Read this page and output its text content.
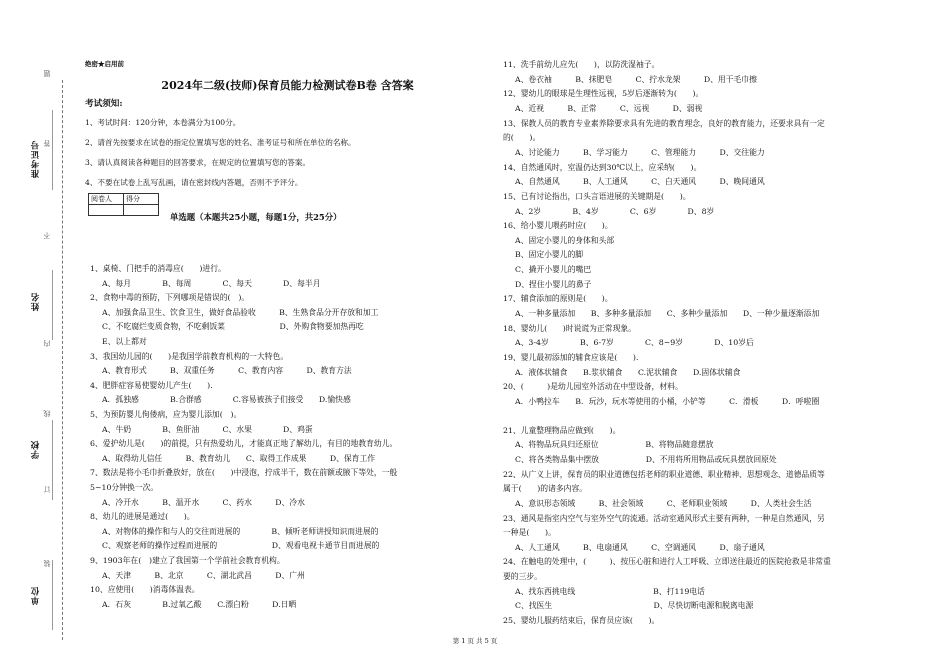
准考证号
姓名
学校
单位
题
答
不
内
线
订
装
绝密★启用前
2024年二级(技师)保育员能力检测试卷B卷 含答案
考试须知:
1、考试时间：120分钟，本卷满分为100分。
2、请首先按要求在试卷的指定位置填写您的姓名、准考证号和所在单位的名称。
3、请认真阅读各种题目的回答要求，在规定的位置填写您的答案。
4、不要在试卷上乱写乱画，请在密封线内答题，否则不予评分。
阅卷人	得分

单选题（本题共25小题，每题1分，共25分）
1、桌椅、门把手的消毒应(　　)进行。
A、每月　　　　B、每周　　　　C、每天　　　　D、每半月
2、食物中毒的预防，下列哪项是错误的(　)。
A、加强食品卫生、饮食卫生，做好食品验收　　　B、生熟食品分开存放和加工
C、不吃腐烂变质食物，不吃剩饭菜　　　　　　　D、外购食物要加热再吃
E、以上都对
3、我国幼儿园的(　　)是我国学前教育机构的一大特色。
A、教育形式　　　B、双重任务　　　C、教育内容　　　D、教育方法
4、肥胖症容易使婴幼儿产生(　　)．
A．孤独感　　　　B.合群感　　　　C.容易被孩子们接受　　D.愉快感
5、为预防婴儿佝偻病，应为婴儿添加(　)。
A、牛奶　　　　B、鱼肝油　　　C、水果　　　　D、鸡蛋
6、爱护幼儿是(　　)的前提，只有热爱幼儿，才能真正地了解幼儿，有目的地教育幼儿。
A、取得幼儿信任　　　B、教育幼儿　　C、取得工作成果　　　D、保育工作
7、数法是将小毛巾折叠放好，放在(　　)中浸泡，拧成半干，数在前额或腋下等处，一般
5~10分钟换一次。
A、冷开水　　　B、温开水　　　C、药水　　　D、冷水
8、幼儿的进展是通过(　　)。
A、对物体的操作和与人的交往而进展的　　　　B、倾听老师讲授知识而进展的
C、观察老师的操作过程而进展的　　　　　　　D、观看电视卡通节目而进展的
9、1903年在(　)建立了我国第一个学前社会教育机构。
A、天津　　　B、北京　　　C、湖北武昌　　　D、广州
10、应使用(　　)消毒体温表。
A．石灰　　　　B.过氧乙酸　　C.漂白粉　　　D.日晒
11、洗手前幼儿应先(　　)，以防洗湿袖子。
A、卷衣袖　　　B、抹肥皂　　　C、拧水龙架　　　D、用干毛巾擦
12、婴幼儿的眼球是生理性远视，5岁后逐渐转为(　　)。
A、近视　　　B、正常　　　C、远视　　　D、弱视
13、保教人员的教育专业素养除要求具有先进的教育理念，良好的教育能力，还要求具有一定
的(　　)。
A、讨论能力　　　B、学习能力　　　C、管理能力　　　D、交往能力
14、自然通风时，室温仍达到30℃以上，应采纳(　　)。
A、自然通风　　　B、人工通风　　　C、白天通风　　　D、晚间通风
15、已有讨论指出，口头言语进展的关键期是(　　)。
A、2岁　　　　B、4岁　　　　C、6岁　　　　D、8岁
16、给小婴儿喂药时应(　　)。
A、固定小婴儿的身体和头部
B、固定小婴儿的脚
C、撬开小婴儿的嘴巴
D、捏住小婴儿的鼻子
17、辅食添加的原则是(　　)。
A、一种多量添加　　B、多种多量添加　　C、多种少量添加　　D、一种少量逐渐添加
18、婴幼儿(　　)时说谎为正常现象。
A、3-4岁　　　　B、6-7岁　　　　C、8~9岁　　　　D、10岁后
19、婴儿最初添加的辅食应该是(　　)．
A．液体状辅食　　B.浆状辅食　　C.泥状辅食　　D.固体状辅食
20、(　　　)是幼儿园室外活动在中型设备，材料。
A．小鸭拉车　　B．玩沙，玩水等使用的小桶，小铲等　　　C．滑板　　　D．呼啦圈
21、儿童整理物品应做到(　　)。
A、将物品玩具归还原位　　　　　　B、将物品随意摆放
C、将各类物品集中摆放　　　　　　D、不用将所用物品或玩具摆放回原处
22、从广义上讲，保育员的职业道德包括老师的职业道德、职业精神、思想观念、道德品质等
属于(　　)的诸多内容。
A、意识形态领域　　　B、社会领域　　　C、老师职业领域　　　D、人类社会生活
23、通风是指室内空气与室外空气的流通。活动室通风形式主要有两种，一种是自然通风，另
一种是(　　)。
A、人工通风　　　B、电扇通风　　　C、空调通风　　　D、扇子通风
24、在触电的处理中，(　　　)、按压心脏和进行人工呼吸、立即送往最近的医院抢救是非常重
要的三步。
A、找东西挑电线　　　　　　　　　　B、打119电话
C、找医生　　　　　　　　　　　　　D、尽快切断电源和脱离电源
25、婴幼儿服药结束后，保育员应该(　　)。
第 1 页 共 5 页
